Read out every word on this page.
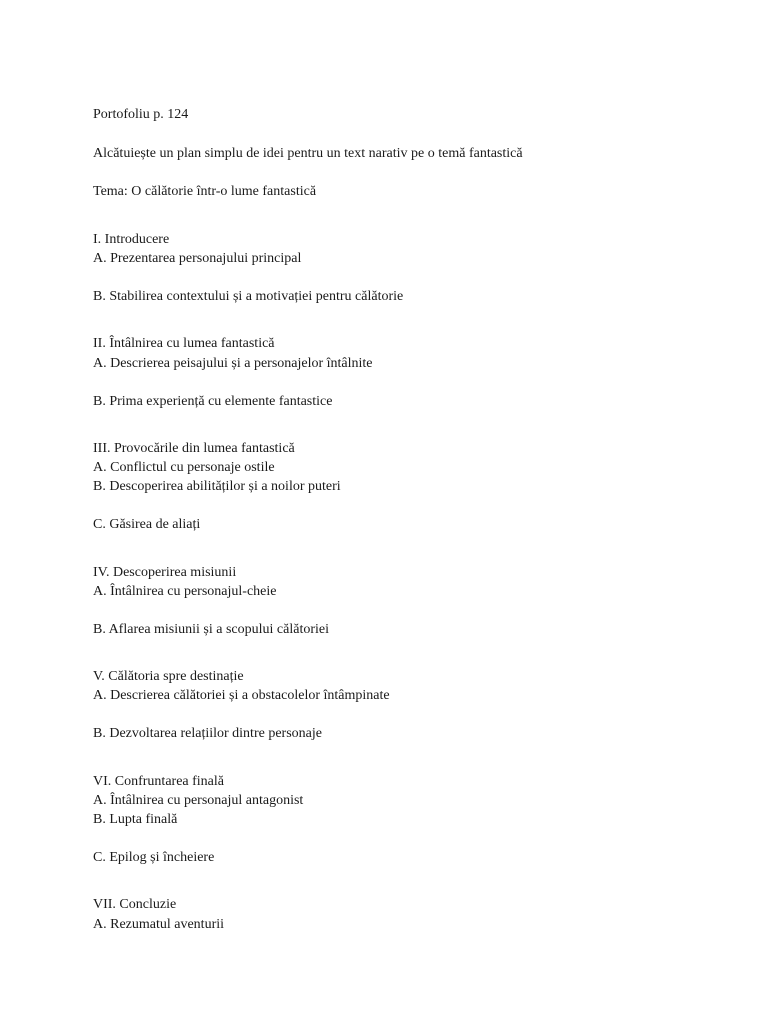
Portofoliu p. 124

Alcătuiește un plan simplu de idei pentru un text narativ pe o temă fantastică

Tema: O călătorie într-o lume fantastică

I. Introducere

A. Prezentarea personajului principal

B. Stabilirea contextului și a motivației pentru călătorie

II. Întâlnirea cu lumea fantastică

A. Descrierea peisajului și a personajelor întâlnite

B. Prima experiență cu elemente fantastice

III. Provocările din lumea fantastică

A. Conflictul cu personaje ostile

B. Descoperirea abilităților și a noilor puteri

C. Găsirea de aliați

IV. Descoperirea misiunii

A. Întâlnirea cu personajul-cheie

B. Aflarea misiunii și a scopului călătoriei

V. Călătoria spre destinație

A. Descrierea călătoriei și a obstacolelor întâmpinate

B. Dezvoltarea relațiilor dintre personaje

VI. Confruntarea finală

A. Întâlnirea cu personajul antagonist

B. Lupta finală

C. Epilog și încheiere

VII. Concluzie

A. Rezumatul aventurii
